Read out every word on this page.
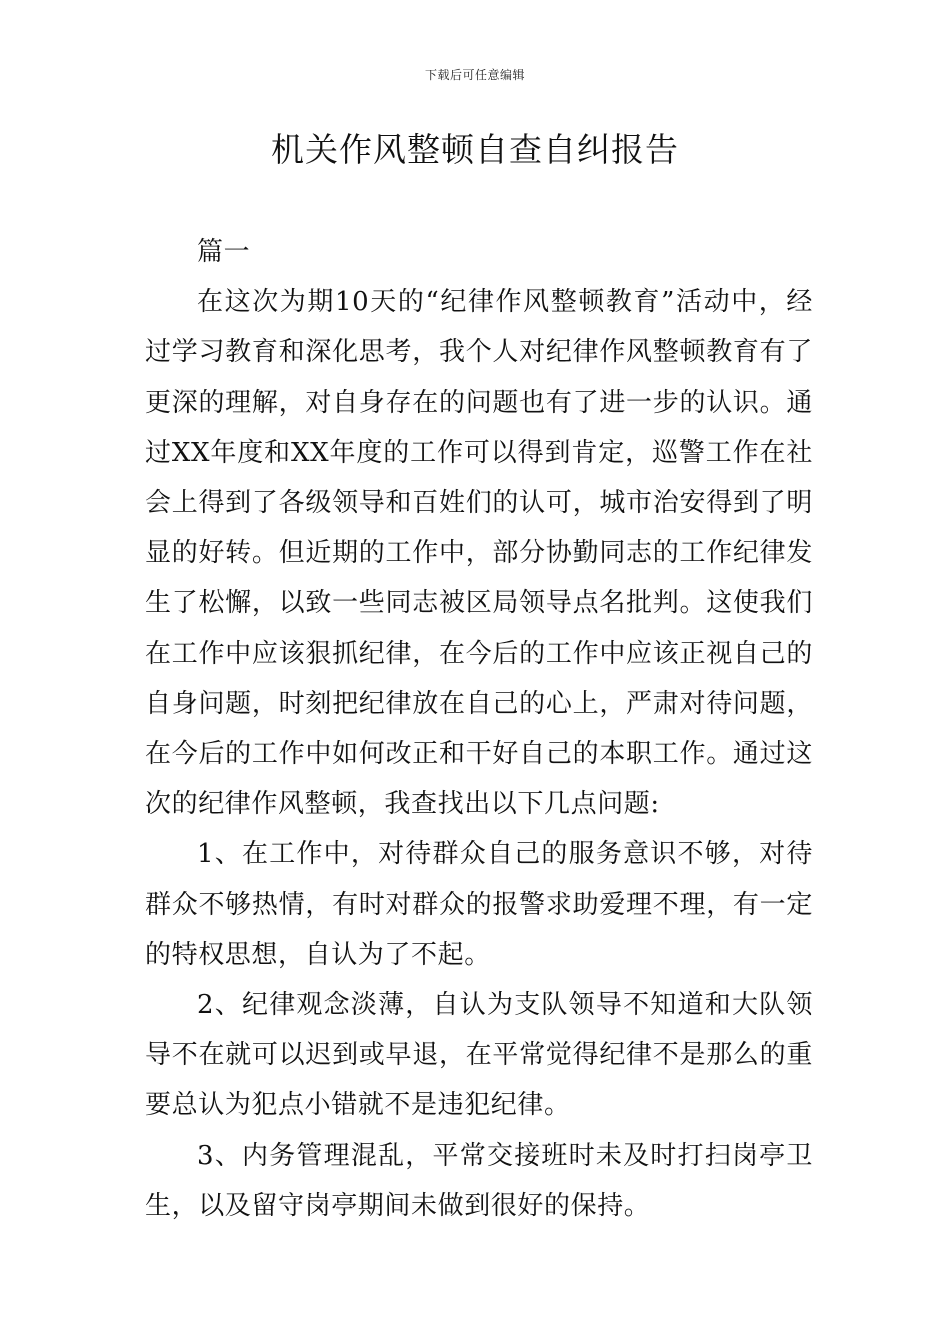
下载后可任意编辑
机关作风整顿自查自纠报告

篇一

在这次为期10天的“纪律作风整顿教育”活动中，经过学习教育和深化思考，我个人对纪律作风整顿教育有了更深的理解，对自身存在的问题也有了进一步的认识。通过XX年度和XX年度的工作可以得到肯定，巡警工作在社会上得到了各级领导和百姓们的认可，城市治安得到了明显的好转。但近期的工作中，部分协勤同志的工作纪律发生了松懈，以致一些同志被区局领导点名批判。这使我们在工作中应该狠抓纪律，在今后的工作中应该正视自己的自身问题，时刻把纪律放在自己的心上，严肃对待问题，在今后的工作中如何改正和干好自己的本职工作。通过这次的纪律作风整顿，我查找出以下几点问题:

1、在工作中，对待群众自己的服务意识不够，对待群众不够热情，有时对群众的报警求助爱理不理，有一定的特权思想，自认为了不起。

2、纪律观念淡薄，自认为支队领导不知道和大队领导不在就可以迟到或早退，在平常觉得纪律不是那么的重要总认为犯点小错就不是违犯纪律。

3、内务管理混乱，平常交接班时未及时打扫岗亭卫生，以及留守岗亭期间未做到很好的保持。
